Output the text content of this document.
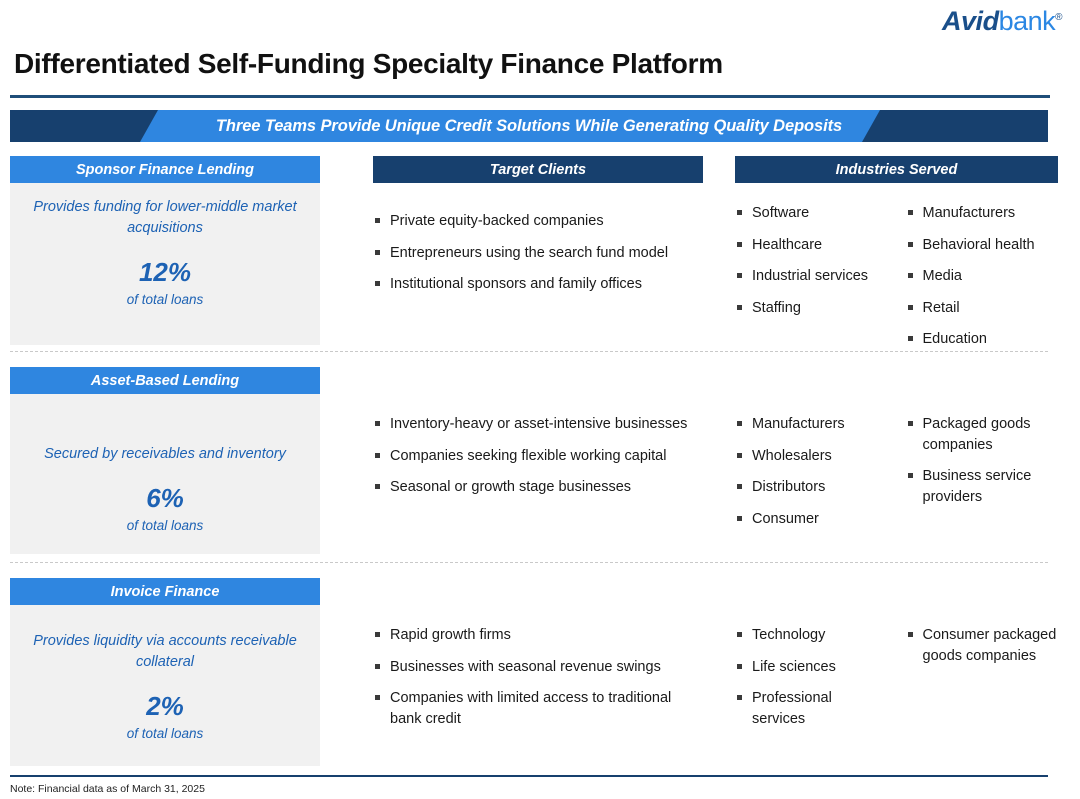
Avidbank®
Differentiated Self-Funding Specialty Finance Platform
Three Teams Provide Unique Credit Solutions While Generating Quality Deposits
Sponsor Finance Lending
Provides funding for lower-middle market acquisitions
12%
of total loans
Target Clients
Private equity-backed companies
Entrepreneurs using the search fund model
Institutional sponsors and family offices
Industries Served
Software
Healthcare
Industrial services
Staffing
Manufacturers
Behavioral health
Media
Retail
Education
Asset-Based Lending
Secured by receivables and inventory
6%
of total loans
Inventory-heavy or asset-intensive businesses
Companies seeking flexible working capital
Seasonal or growth stage businesses
Manufacturers
Wholesalers
Distributors
Consumer
Packaged goods companies
Business service providers
Invoice Finance
Provides liquidity via accounts receivable collateral
2%
of total loans
Rapid growth firms
Businesses with seasonal revenue swings
Companies with limited access to traditional bank credit
Technology
Life sciences
Professional services
Consumer packaged goods companies
Note: Financial data as of March 31, 2025
